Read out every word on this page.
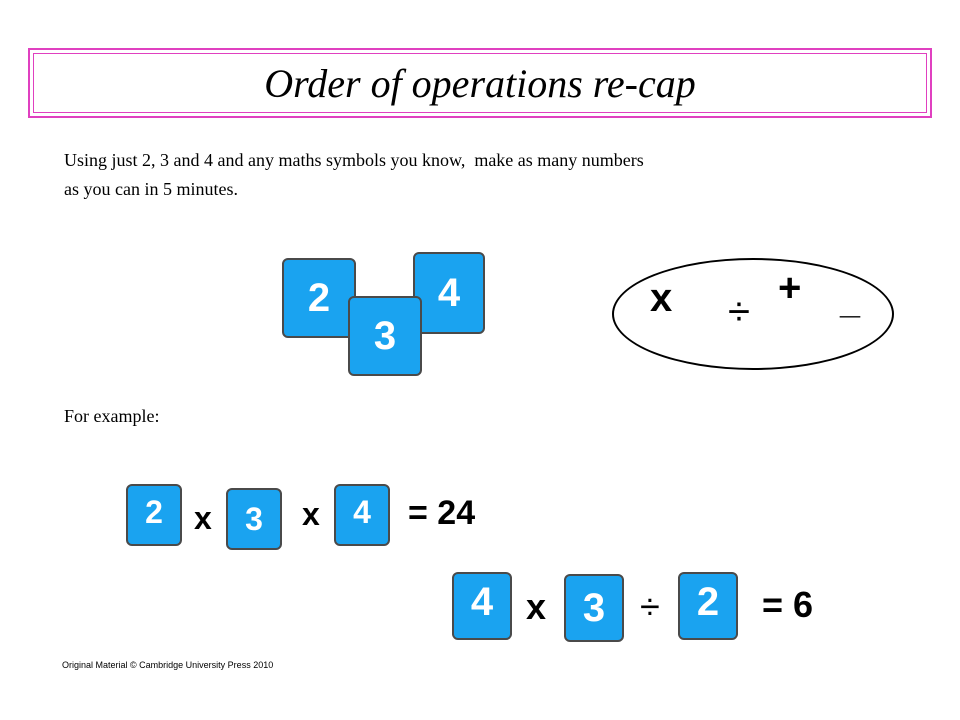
Order of operations re-cap
Using just 2, 3 and 4 and any maths symbols you know,  make as many numbers
as you can in 5 minutes.
2	4
3
x ÷
+ _
For example:
2 x	3	x	4	= 24
4 x 3 ÷ 2	= 6
Original Material © Cambridge University Press 2010
